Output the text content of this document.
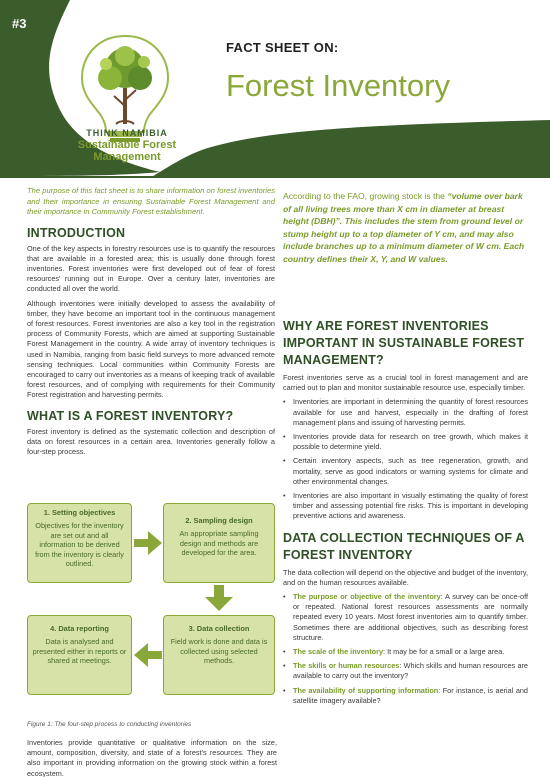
#3
FACT SHEET ON:
Forest Inventory
THINK NAMIBIA
Sustainable Forest
Management

The purpose of this fact sheet is to share information on forest inventories and their importance in ensuring Sustainable Forest Management and their importance in Community Forest establishment.

INTRODUCTION

One of the key aspects in forestry resources use is to quantify the resources that are available in a forested area; this is usually done through forest inventories. Forest inventories were first developed out of fear of forest resources' running out in Europe. Over a century later, inventories are conducted all over the world.

Although inventories were initially developed to assess the availability of timber, they have become an important tool in the continuous management of forest resources. Forest inventories are also a key tool in the registration process of Community Forests, which are aimed at supporting Sustainable Forest Management in the country. A wide array of inventory techniques is used in Namibia, ranging from basic field surveys to more advanced remote sensing techniques. Local communities within Community Forests are encouraged to carry out inventories as a means of keeping track of available forest resources, and of complying with requirements for their Community Forest registration and harvesting permits.

WHAT IS A FOREST INVENTORY?

Forest inventory is defined as the systematic collection and description of data on forest resources in a certain area. Inventories generally follow a four-step process.

1. Setting objectives
Objectives for the inventory are set out and all information to be derived from the inventory is clearly outlined.
2. Sampling design
An appropriate sampling design and methods are developed for the area.
3. Data collection
Field work is done and data is collected using selected methods.
4. Data reporting
Data is analysed and presented either in reports or shared at meetings.
Figure 1: The four-step process to conducting inventories

Inventories provide quantitative or qualitative information on the size, amount, composition, diversity, and state of a forest's resources. They are also important in providing information on the growing stock within a forest ecosystem.

According to the FAO, growing stock is the “volume over bark of all living trees more than X cm in diameter at breast height (DBH)”. This includes the stem from ground level or stump height up to a top diameter of Y cm, and may also include branches up to a minimum diameter of W cm. Each country defines their X, Y, and W values.
WHY ARE FOREST INVENTORIES IMPORTANT IN SUSTAINABLE FOREST MANAGEMENT?

Forest inventories serve as a crucial tool in forest management and are carried out to plan and monitor sustainable resource use, especially timber.

• Inventories are important in determining the quantity of forest resources available for use and harvest, especially in the drafting of forest management plans and issuing of harvesting permits.
• Inventories provide data for research on tree growth, which makes it possible to determine yield.
• Certain inventory aspects, such as tree regeneration, growth, and mortality, serve as good indicators or warning systems for climate and other environmental changes.
• Inventories are also important in visually estimating the quality of forest timber and assessing potential fire risks. This is important in developing preventive actions and awareness.
DATA COLLECTION TECHNIQUES OF A FOREST INVENTORY

The data collection will depend on the objective and budget of the inventory, and on the human resources available.

• The purpose or objective of the inventory: A survey can be once-off or repeated. National forest resources assessments are normally repeated every 10 years. Most forest inventories aim to quantify timber. Sometimes there are additional objectives, such as describing forest structure.
• The scale of the inventory: It may be for a small or a large area.
• The skills or human resources: Which skills and human resources are available to carry out the inventory?
• The availability of supporting information: For instance, is aerial and satellite imagery available?
